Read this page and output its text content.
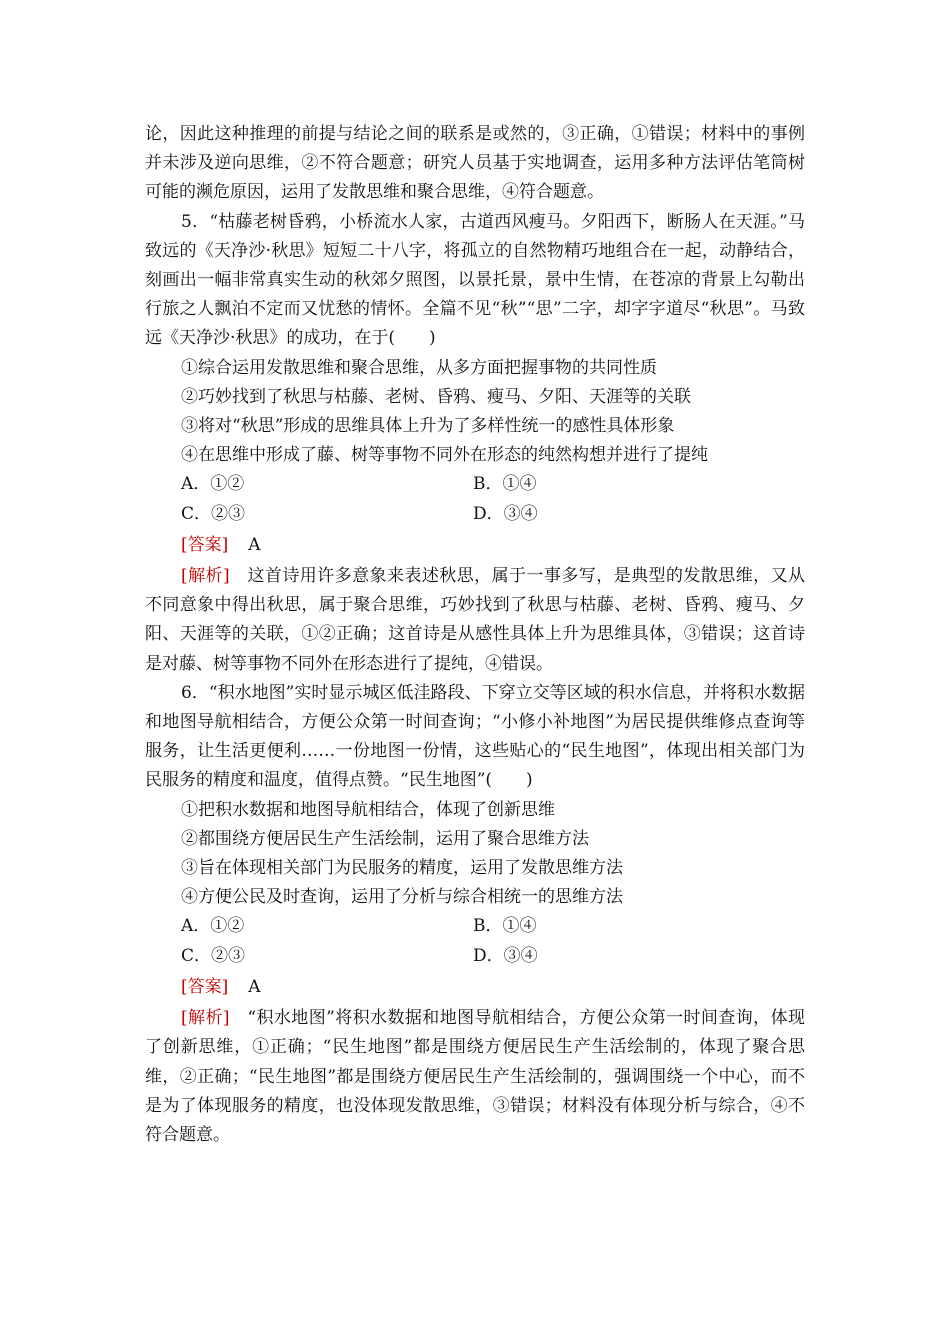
论，因此这种推理的前提与结论之间的联系是或然的，③正确，①错误；材料中的事例并未涉及逆向思维，②不符合题意；研究人员基于实地调查，运用多种方法评估笔筒树可能的濒危原因，运用了发散思维和聚合思维，④符合题意。

5．“枯藤老树昏鸦，小桥流水人家，古道西风瘦马。夕阳西下，断肠人在天涯。”马致远的《天净沙·秋思》短短二十八字，将孤立的自然物精巧地组合在一起，动静结合，刻画出一幅非常真实生动的秋郊夕照图，以景托景，景中生情，在苍凉的背景上勾勒出行旅之人飘泊不定而又忧愁的情怀。全篇不见“秋”“思”二字，却字字道尽“秋思”。马致远《天净沙·秋思》的成功，在于(　　)

①综合运用发散思维和聚合思维，从多方面把握事物的共同性质

②巧妙找到了秋思与枯藤、老树、昏鸦、瘦马、夕阳、天涯等的关联

③将对“秋思”形成的思维具体上升为了多样性统一的感性具体形象

④在思维中形成了藤、树等事物不同外在形态的纯然构想并进行了提纯

A．①②	B．①④
C．②③	D．③④
[答案] A

[解析]　 这首诗用许多意象来表述秋思，属于一事多写，是典型的发散思维，又从不同意象中得出秋思，属于聚合思维，巧妙找到了秋思与枯藤、老树、昏鸦、瘦马、夕阳、天涯等的关联，①②正确；这首诗是从感性具体上升为思维具体，③错误；这首诗是对藤、树等事物不同外在形态进行了提纯，④错误。

6．“积水地图”实时显示城区低洼路段、下穿立交等区域的积水信息，并将积水数据和地图导航相结合，方便公众第一时间查询；“小修小补地图”为居民提供维修点查询等服务，让生活更便利……一份地图一份情，这些贴心的“民生地图”，体现出相关部门为民服务的精度和温度，值得点赞。“民生地图”(　　)

①把积水数据和地图导航相结合，体现了创新思维

②都围绕方便居民生产生活绘制，运用了聚合思维方法

③旨在体现相关部门为民服务的精度，运用了发散思维方法

④方便公民及时查询，运用了分析与综合相统一的思维方法

A．①②	B．①④
C．②③	D．③④
[答案] A

[解析]　 “积水地图”将积水数据和地图导航相结合，方便公众第一时间查询，体现了创新思维，①正确；“民生地图”都是围绕方便居民生产生活绘制的，体现了聚合思维，②正确；“民生地图”都是围绕方便居民生产生活绘制的，强调围绕一个中心，而不是为了体现服务的精度，也没体现发散思维，③错误；材料没有体现分析与综合，④不符合题意。
